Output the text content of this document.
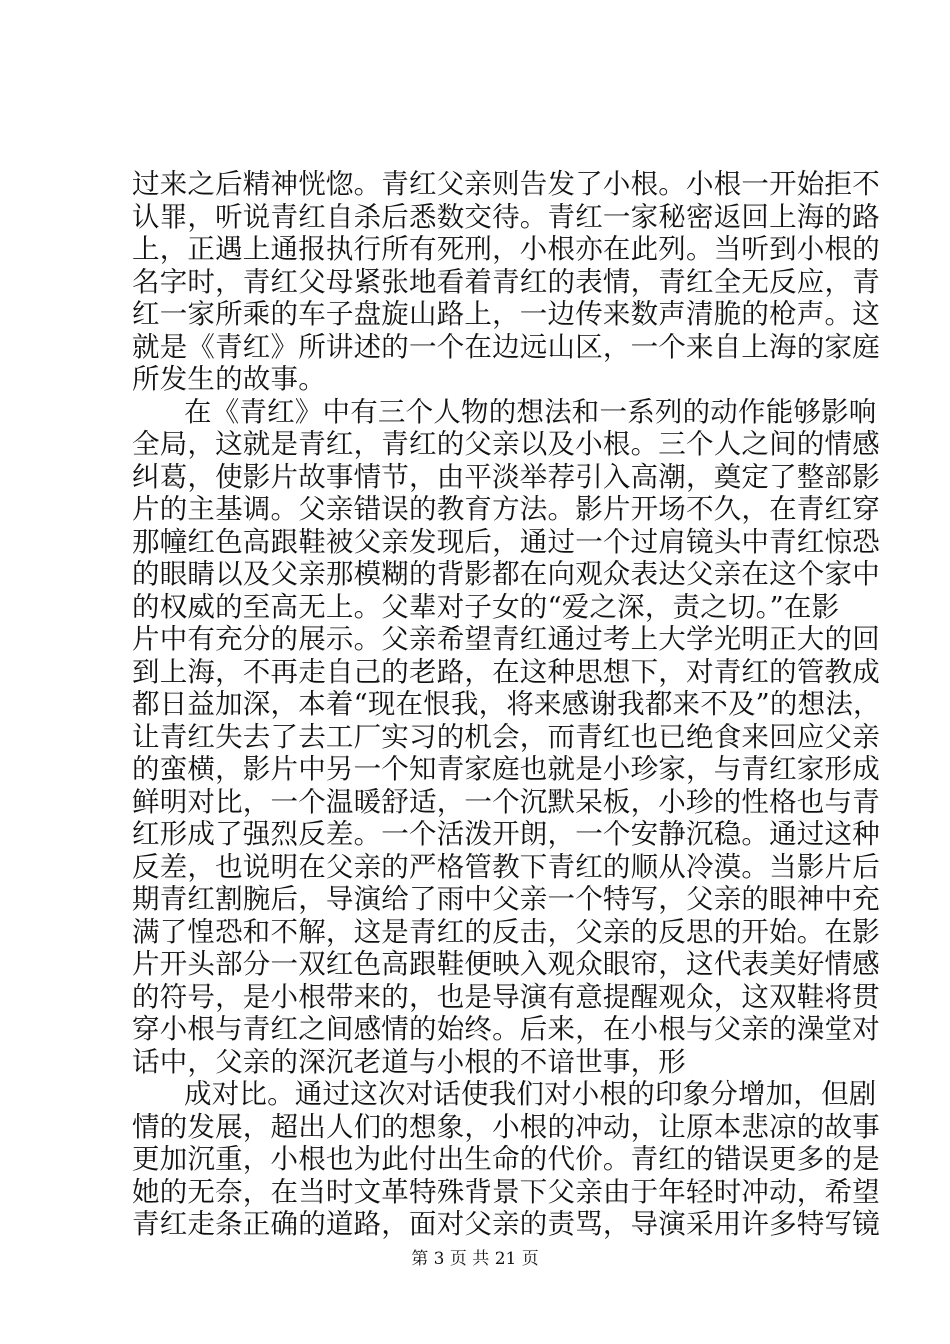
过来之后精神恍惚。青红父亲则告发了小根。小根一开始拒不
认罪，听说青红自杀后悉数交待。青红一家秘密返回上海的路
上，正遇上通报执行所有死刑，小根亦在此列。当听到小根的
名字时，青红父母紧张地看着青红的表情，青红全无反应，青
红一家所乘的车子盘旋山路上，一边传来数声清脆的枪声。这
就是《青红》所讲述的一个在边远山区，一个来自上海的家庭
所发生的故事。
在《青红》中有三个人物的想法和一系列的动作能够影响
全局，这就是青红，青红的父亲以及小根。三个人之间的情感
纠葛，使影片故事情节，由平淡举荐引入高潮，奠定了整部影
片的主基调。父亲错误的教育方法。影片开场不久，在青红穿
那幢红色高跟鞋被父亲发现后，通过一个过肩镜头中青红惊恐
的眼睛以及父亲那模糊的背影都在向观众表达父亲在这个家中
的权威的至高无上。父辈对子女的“爱之深，责之切。”在影
片中有充分的展示。父亲希望青红通过考上大学光明正大的回
到上海，不再走自己的老路，在这种思想下，对青红的管教成
都日益加深，本着“现在恨我，将来感谢我都来不及”的想法，
让青红失去了去工厂实习的机会，而青红也已绝食来回应父亲
的蛮横，影片中另一个知青家庭也就是小珍家，与青红家形成
鲜明对比，一个温暖舒适，一个沉默呆板，小珍的性格也与青
红形成了强烈反差。一个活泼开朗，一个安静沉稳。通过这种
反差，也说明在父亲的严格管教下青红的顺从冷漠。当影片后
期青红割腕后，导演给了雨中父亲一个特写，父亲的眼神中充
满了惶恐和不解，这是青红的反击，父亲的反思的开始。在影
片开头部分一双红色高跟鞋便映入观众眼帘，这代表美好情感
的符号，是小根带来的，也是导演有意提醒观众，这双鞋将贯
穿小根与青红之间感情的始终。后来，在小根与父亲的澡堂对
话中，父亲的深沉老道与小根的不谙世事，形
成对比。通过这次对话使我们对小根的印象分增加，但剧
情的发展，超出人们的想象，小根的冲动，让原本悲凉的故事
更加沉重，小根也为此付出生命的代价。青红的错误更多的是
她的无奈，在当时文革特殊背景下父亲由于年轻时冲动，希望
青红走条正确的道路，面对父亲的责骂，导演采用许多特写镜
第 3 页 共 21 页
